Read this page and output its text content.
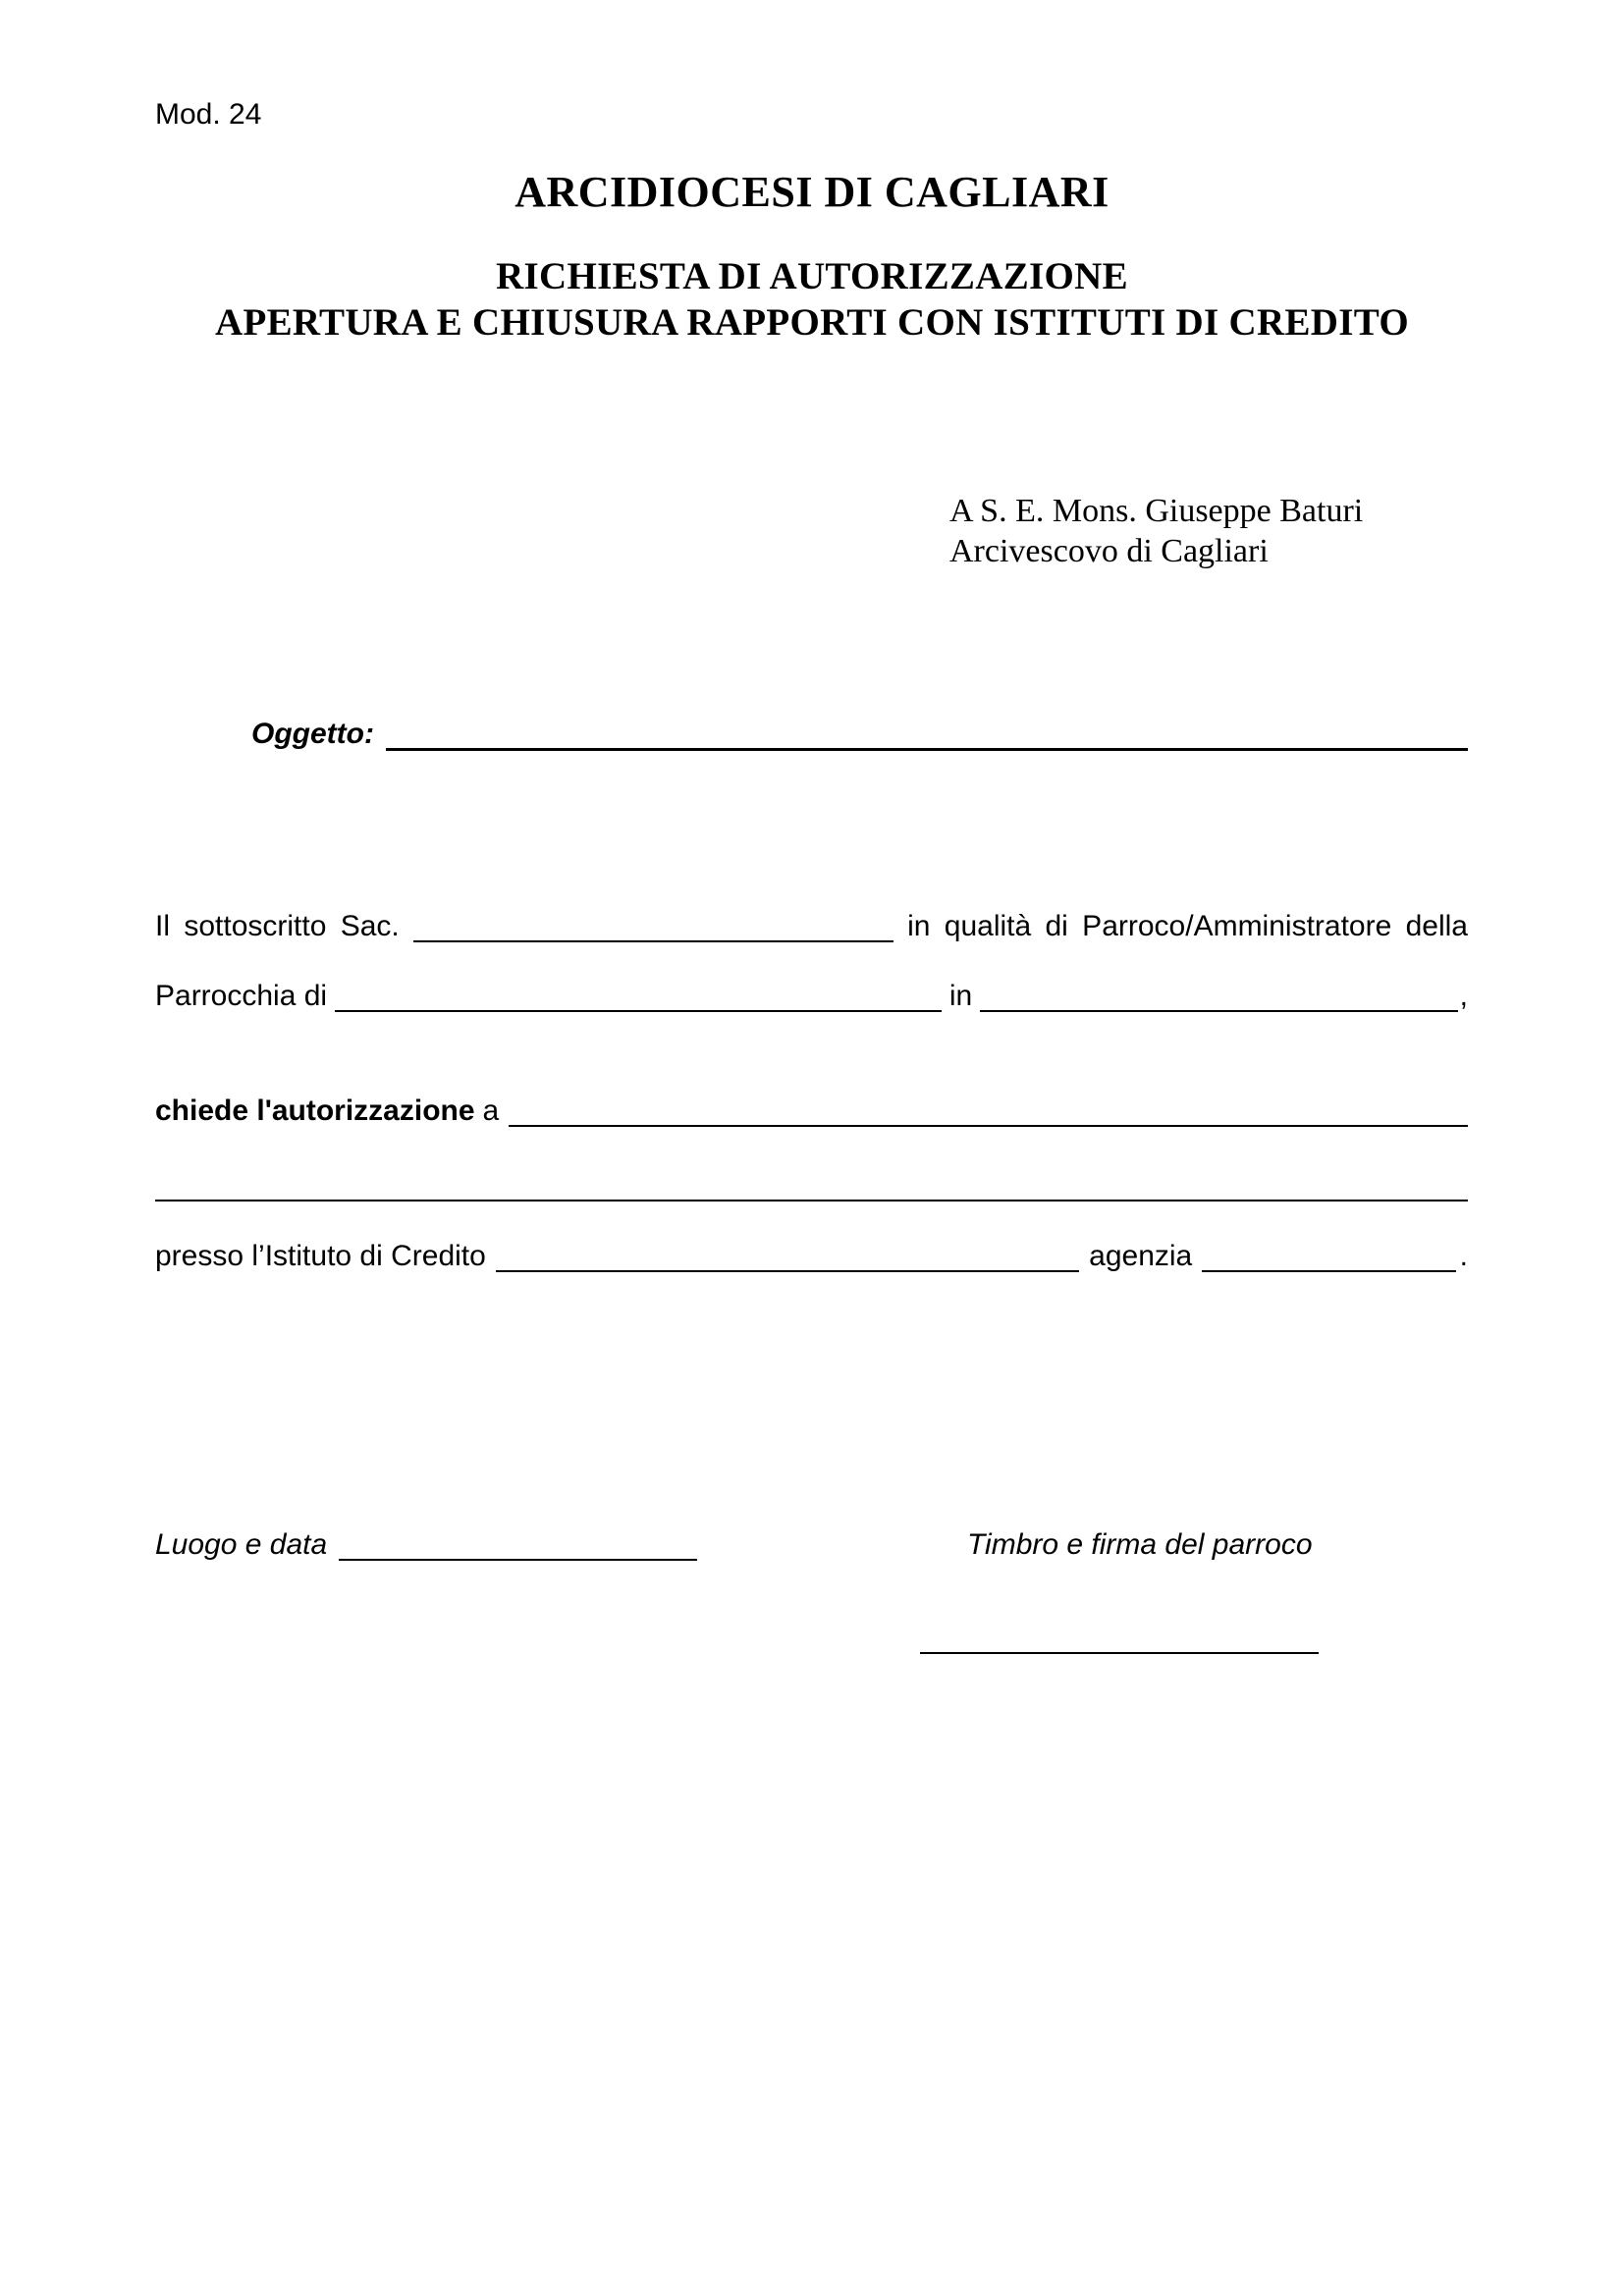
Mod. 24
ARCIDIOCESI DI CAGLIARI
RICHIESTA DI AUTORIZZAZIONE
APERTURA E CHIUSURA RAPPORTI CON ISTITUTI DI CREDITO
A S. E. Mons. Giuseppe Baturi
Arcivescovo di Cagliari
Oggetto:
Il sottoscritto Sac.	in qualità di Parroco/Amministratore della
Parrocchia di	in	,
chiede l'autorizzazione a
presso l’Istituto di Credito	agenzia	.
Luogo e data	Timbro e firma del parroco
